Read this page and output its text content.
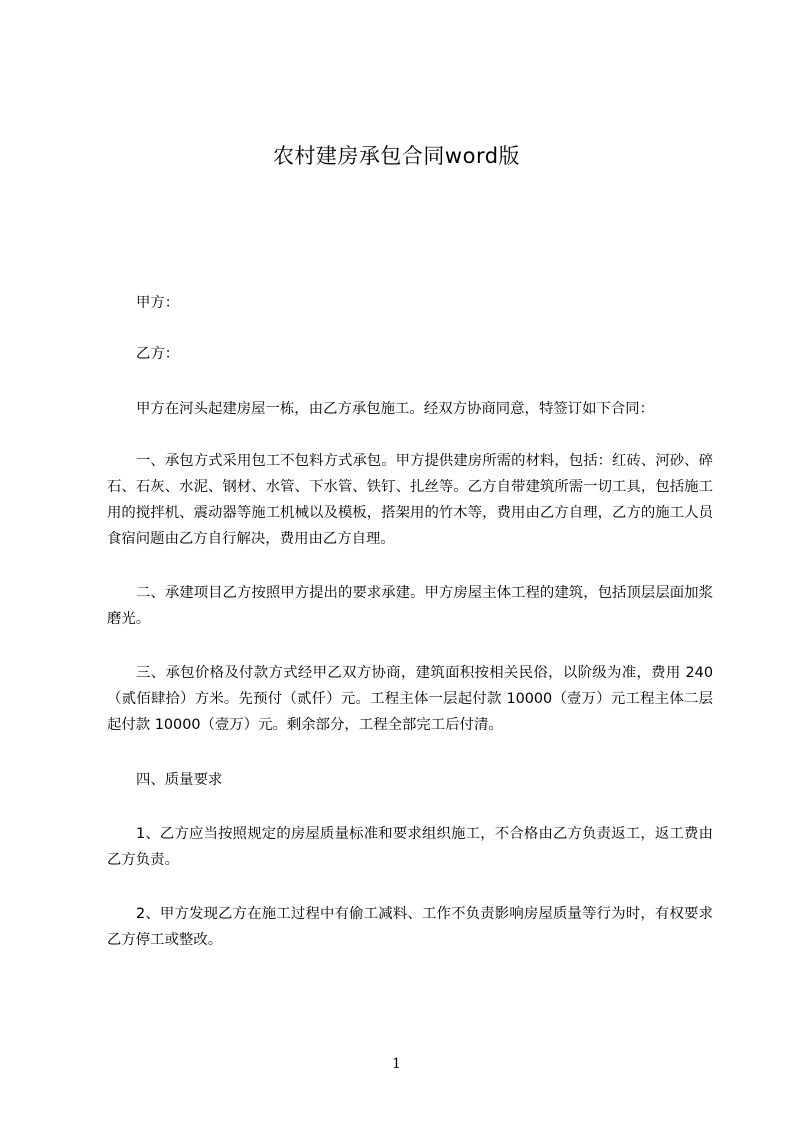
农村建房承包合同word版
甲方：
乙方：
甲方在河头起建房屋一栋，由乙方承包施工。经双方协商同意，特签订如下合同：
一、承包方式采用包工不包料方式承包。甲方提供建房所需的材料，包括：红砖、河砂、碎石、石灰、水泥、钢材、水管、下水管、铁钉、扎丝等。乙方自带建筑所需一切工具，包括施工用的搅拌机、震动器等施工机械以及模板，搭架用的竹木等，费用由乙方自理，乙方的施工人员食宿问题由乙方自行解决，费用由乙方自理。
二、承建项目乙方按照甲方提出的要求承建。甲方房屋主体工程的建筑，包括顶层层面加浆磨光。
三、承包价格及付款方式经甲乙双方协商，建筑面积按相关民俗，以阶级为准，费用 240（贰佰肆拾）方米。先预付（贰仟）元。工程主体一层起付款 10000（壹万）元工程主体二层起付款 10000（壹万）元。剩余部分，工程全部完工后付清。
四、质量要求
1、乙方应当按照规定的房屋质量标准和要求组织施工，不合格由乙方负责返工，返工费由乙方负责。
2、甲方发现乙方在施工过程中有偷工减料、工作不负责影响房屋质量等行为时，有权要求乙方停工或整改。
1
